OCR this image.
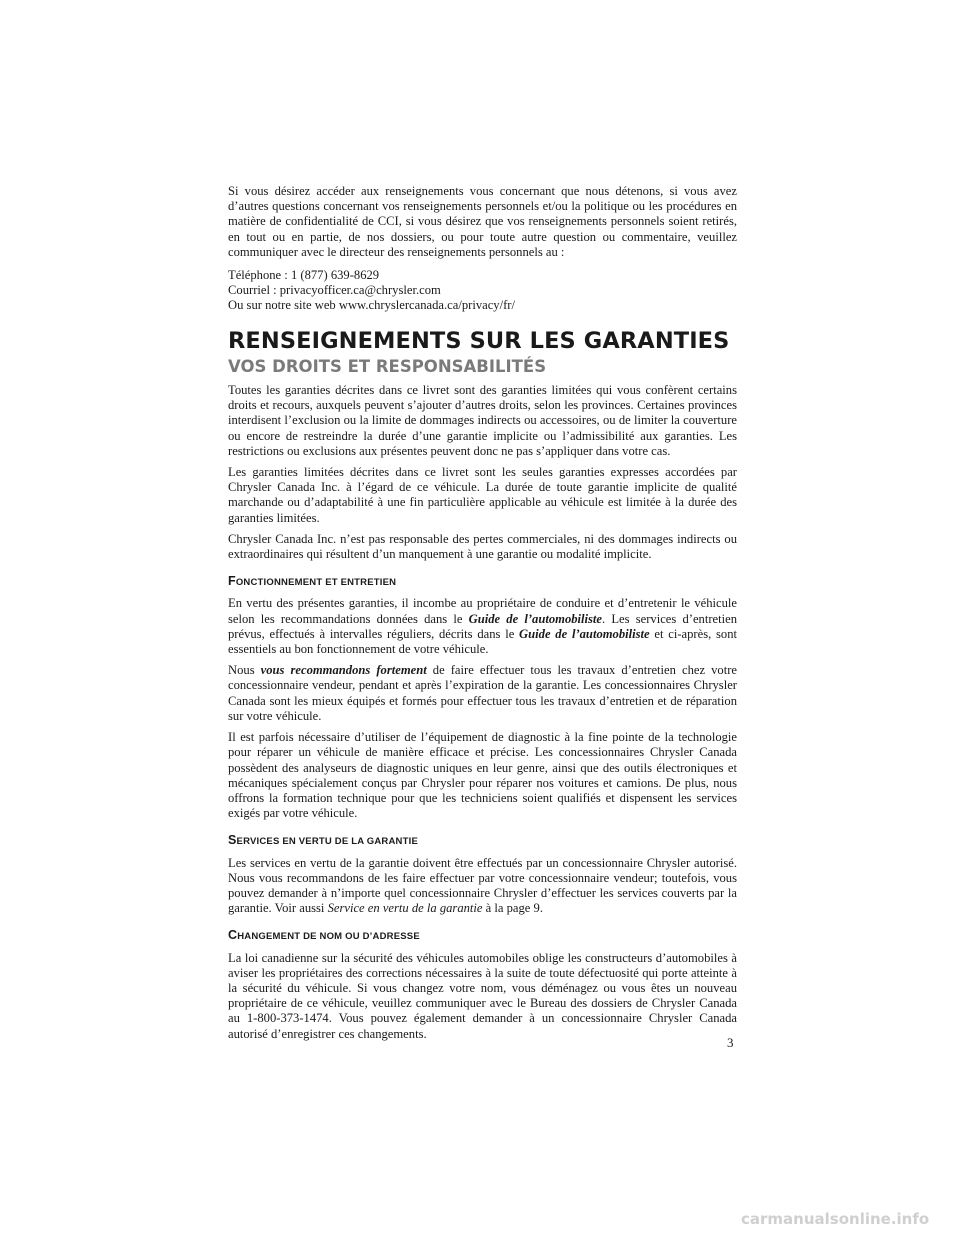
Si vous désirez accéder aux renseignements vous concernant que nous détenons, si vous avez d’autres questions concernant vos renseignements personnels et/ou la politique ou les procédures en matière de confidentialité de CCI, si vous désirez que vos renseignements personnels soient retirés, en tout ou en partie, de nos dossiers, ou pour toute autre question ou commentaire, veuillez communiquer avec le directeur des renseignements personnels au :

Téléphone : 1 (877) 639-8629

Courriel : privacyofficer.ca@chrysler.com

Ou sur notre site web www.chryslercanada.ca/privacy/fr/

RENSEIGNEMENTS SUR LES GARANTIES
VOS DROITS ET RESPONSABILITÉS

Toutes les garanties décrites dans ce livret sont des garanties limitées qui vous confèrent certains droits et recours, auxquels peuvent s’ajouter d’autres droits, selon les provinces. Certaines provinces interdisent l’exclusion ou la limite de dommages indirects ou accessoires, ou de limiter la couverture ou encore de restreindre la durée d’une garantie implicite ou l’admissibilité aux garanties. Les restrictions ou exclusions aux présentes peuvent donc ne pas s’appliquer dans votre cas.

Les garanties limitées décrites dans ce livret sont les seules garanties expresses accordées par Chrysler Canada Inc. à l’égard de ce véhicule. La durée de toute garantie implicite de qualité marchande ou d’adaptabilité à une fin particulière applicable au véhicule est limitée à la durée des garanties limitées.

Chrysler Canada Inc. n’est pas responsable des pertes commerciales, ni des dommages indirects ou extraordinaires qui résultent d’un manquement à une garantie ou modalité implicite.

FONCTIONNEMENT ET ENTRETIEN

En vertu des présentes garanties, il incombe au propriétaire de conduire et d’entretenir le véhicule selon les recommandations données dans le Guide de l’automobiliste. Les services d’entretien prévus, effectués à intervalles réguliers, décrits dans le Guide de l’automobiliste et ci-après, sont essentiels au bon fonctionnement de votre véhicule.

Nous vous recommandons fortement de faire effectuer tous les travaux d’entretien chez votre concessionnaire vendeur, pendant et après l’expiration de la garantie. Les concessionnaires Chrysler Canada sont les mieux équipés et formés pour effectuer tous les travaux d’entretien et de réparation sur votre véhicule.

Il est parfois nécessaire d’utiliser de l’équipement de diagnostic à la fine pointe de la technologie pour réparer un véhicule de manière efficace et précise. Les concessionnaires Chrysler Canada possèdent des analyseurs de diagnostic uniques en leur genre, ainsi que des outils électroniques et mécaniques spécialement conçus par Chrysler pour réparer nos voitures et camions. De plus, nous offrons la formation technique pour que les techniciens soient qualifiés et dispensent les services exigés par votre véhicule.

SERVICES EN VERTU DE LA GARANTIE

Les services en vertu de la garantie doivent être effectués par un concessionnaire Chrysler autorisé. Nous vous recommandons de les faire effectuer par votre concessionnaire vendeur; toutefois, vous pouvez demander à n’importe quel concessionnaire Chrysler d’effectuer les services couverts par la garantie. Voir aussi Service en vertu de la garantie à la page 9.

CHANGEMENT DE NOM OU D’ADRESSE

La loi canadienne sur la sécurité des véhicules automobiles oblige les constructeurs d’automobiles à aviser les propriétaires des corrections nécessaires à la suite de toute défectuosité qui porte atteinte à la sécurité du véhicule. Si vous changez votre nom, vous déménagez ou vous êtes un nouveau propriétaire de ce véhicule, veuillez communiquer avec le Bureau des dossiers de Chrysler Canada au 1-800-373-1474. Vous pouvez également demander à un concessionnaire Chrysler Canada autorisé d’enregistrer ces changements.

3
carmanualsonline.info
